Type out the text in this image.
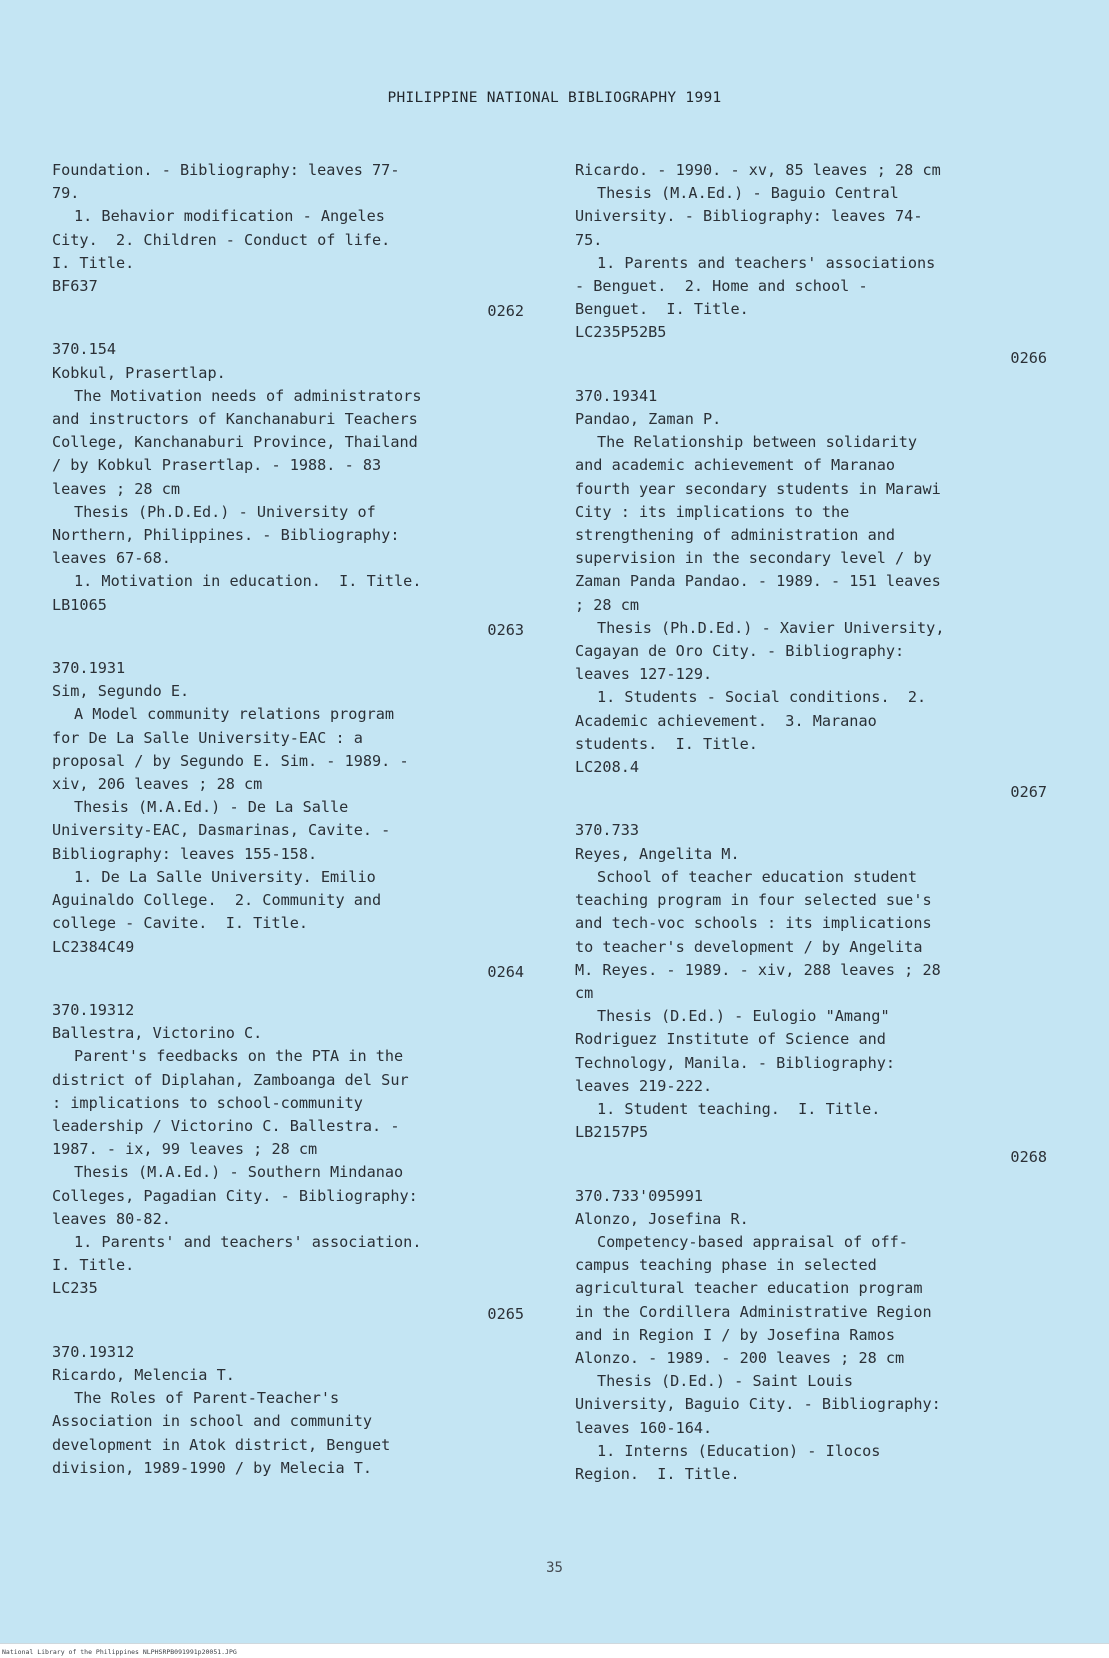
PHILIPPINE NATIONAL BIBLIOGRAPHY 1991
Foundation. - Bibliography: leaves 77-
79.
1. Behavior modification - Angeles
City.  2. Children - Conduct of life.
I. Title.
BF637
0262
370.154
Kobkul, Prasertlap.
The Motivation needs of administrators
and instructors of Kanchanaburi Teachers
College, Kanchanaburi Province, Thailand
/ by Kobkul Prasertlap. - 1988. - 83
leaves ; 28 cm
Thesis (Ph.D.Ed.) - University of
Northern, Philippines. - Bibliography:
leaves 67-68.
1. Motivation in education.  I. Title.
LB1065
0263
370.1931
Sim, Segundo E.
A Model community relations program
for De La Salle University-EAC : a
proposal / by Segundo E. Sim. - 1989. -
xiv, 206 leaves ; 28 cm
Thesis (M.A.Ed.) - De La Salle
University-EAC, Dasmarinas, Cavite. -
Bibliography: leaves 155-158.
1. De La Salle University. Emilio
Aguinaldo College.  2. Community and
college - Cavite.  I. Title.
LC2384C49
0264
370.19312
Ballestra, Victorino C.
Parent's feedbacks on the PTA in the
district of Diplahan, Zamboanga del Sur
: implications to school-community
leadership / Victorino C. Ballestra. -
1987. - ix, 99 leaves ; 28 cm
Thesis (M.A.Ed.) - Southern Mindanao
Colleges, Pagadian City. - Bibliography:
leaves 80-82.
1. Parents' and teachers' association.
I. Title.
LC235
0265
370.19312
Ricardo, Melencia T.
The Roles of Parent-Teacher's
Association in school and community
development in Atok district, Benguet
division, 1989-1990 / by Melecia T.
Ricardo. - 1990. - xv, 85 leaves ; 28 cm
Thesis (M.A.Ed.) - Baguio Central
University. - Bibliography: leaves 74-
75.
1. Parents and teachers' associations
- Benguet.  2. Home and school -
Benguet.  I. Title.
LC235P52B5
0266
370.19341
Pandao, Zaman P.
The Relationship between solidarity
and academic achievement of Maranao
fourth year secondary students in Marawi
City : its implications to the
strengthening of administration and
supervision in the secondary level / by
Zaman Panda Pandao. - 1989. - 151 leaves
; 28 cm
Thesis (Ph.D.Ed.) - Xavier University,
Cagayan de Oro City. - Bibliography:
leaves 127-129.
1. Students - Social conditions.  2.
Academic achievement.  3. Maranao
students.  I. Title.
LC208.4
0267
370.733
Reyes, Angelita M.
School of teacher education student
teaching program in four selected sue's
and tech-voc schools : its implications
to teacher's development / by Angelita
M. Reyes. - 1989. - xiv, 288 leaves ; 28
cm
Thesis (D.Ed.) - Eulogio "Amang"
Rodriguez Institute of Science and
Technology, Manila. - Bibliography:
leaves 219-222.
1. Student teaching.  I. Title.
LB2157P5
0268
370.733'095991
Alonzo, Josefina R.
Competency-based appraisal of off-
campus teaching phase in selected
agricultural teacher education program
in the Cordillera Administrative Region
and in Region I / by Josefina Ramos
Alonzo. - 1989. - 200 leaves ; 28 cm
Thesis (D.Ed.) - Saint Louis
University, Baguio City. - Bibliography:
leaves 160-164.
1. Interns (Education) - Ilocos
Region.  I. Title.
35
National Library of the Philippines NLPHSRPB091991p20051.JPG
